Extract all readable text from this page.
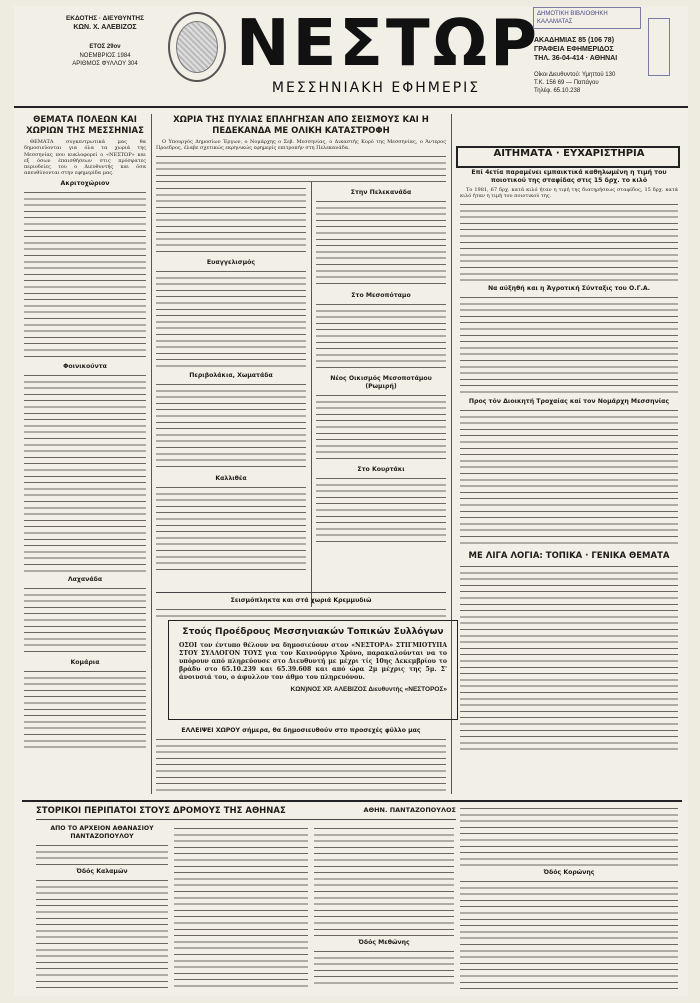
ΕΚΔΟΤΗΣ · ΔΙΕΥΘΥΝΤΗΣ
ΚΩΝ. Χ. ΑΛΕΒΙΖΟΣ
ΕΤΟΣ 29ον
ΝΟΕΜΒΡΙΟΣ 1984
ΑΡΙΘΜΟΣ ΦΥΛΛΟΥ 304	ΝΕΣΤΩΡ
ΜΕΣΣΗΝΙΑΚΗ ΕΦΗΜΕΡΙΣ
ΔΗΜΟΤΙΚΗ ΒΙΒΛΙΟΘΗΚΗ ΚΑΛΑΜΑΤΑΣ
ΑΚΑΔΗΜΙΑΣ 85 (106 78)
ΓΡΑΦΕΙΑ ΕΦΗΜΕΡΙΔΟΣ
ΤΗΛ. 36-04-414 · ΑΘΗΝΑΙ
Οίκοι Διευθυντού: Υμηττού 130
Τ.Κ. 156 69 — Παπάγου
Τηλέφ. 65.10.238
ΘΕΜΑΤΑ ΠΟΛΕΩΝ ΚΑΙ ΧΩΡΙΩΝ ΤΗΣ ΜΕΣΣΗΝΙΑΣ

ΘΕΜΑΤΑ συγκεντρωτικά μας θα δημοσιεύονται για όλα τα χωριά της Μεσσηνίας που κυκλοφορεί ο «ΝΕΣΤΩΡ» και εξ όσων έπαισθήσεων στις πρόσφατες περιοδείες του ο Διευθυντής και όσα απευθύνονται στην εφημερίδα μας.

Ακριτοχώριον
Φοινικούντα
Λαχανάδα
Κομάρια
ΧΩΡΙΑ ΤΗΣ ΠΥΛΙΑΣ ΕΠΛΗΓΗΣΑΝ ΑΠΟ ΣΕΙΣΜΟΥΣ ΚΑΙ Η ΠΕΔΕΚΑΝΔΑ ΜΕ ΟΛΙΚΗ ΚΑΤΑΣΤΡΟΦΗ

Ο Υπουργός Δημοσίων Έργων, ο Νομάρχης ο Σεβ. Μεσσηνίας, ο Δικαστής Κορό της Μεσσηνίας, ο Άντερος Προεδρος, έλαβε σχετικώς εκρηνικώς εφημερίς επιτροπήν στη Πελεκανάδα.

Ευαγγελισμός
Περιβολάκια, Χωματάδα
Καλλιθέα
Στην Πελεκανάδα
Στο Μεσοπόταμο
Νέος Οικισμός Μεσοποτάμου (Ρωμιρή)
Στο Κουρτάκι
Σεισμόπληκτα και στά χωριά Κρεμμυδιώ
Στούς Προέδρους Μεσσηνιακών Τοπικών Συλλόγων
ΟΣΟΙ τον έντυπο θέλουν να δημοσιεύουν στον «ΝΕΣΤΟΡΑ» ΣΤΙΓΜΙΟΤΥΠΑ ΣΤΟΥ ΣΥΛΛΟΓΟΝ ΤΟΥΣ για τον Καινούργιο Χρόνο, παρακαλούνται να το υπόρουν από πληρεύουσε στο Διευθυντή με μέχρι τίς 10ης Δεκεμβρίου το βράδυ στο 65.10.239 και 65.39.608 και από ώρα 2μ μέχρις της 5μ. Σ' άνοιυσιά του, ο άφυλλον τον άθμο του πληρευόνου.
ΚΩΝ)ΝΟΣ ΧΡ. ΑΛΕΒΙΖΟΣ Διευθυντής «ΝΕΣΤΟΡΟΣ»
ΕΛΛΕΙΨΕΙ ΧΩΡΟΥ σήμερα, θα δημοσιευθούν στο προσεχές φύλλο μας
ΑΙΤΗΜΑΤΑ · ΕΥΧΑΡΙΣΤΗΡΙΑ
Επί 4ετία παραμένει εμπαικτικά καθηλωμένη η τιμή του ποιοτικού της σταφίδας στις 15 δρχ. το κιλό

Το 1981, 67 δρχ. κατά κιλό ήταν η τιμή της διατηρήσεως σταφίδος, 15 δρχ. κατά κιλό ήταν η τιμή του ποιοτικού της.

Να αύξηθή και η Άγροτική Σύνταξις του Ο.Γ.Α.
Προς τόν Διοικητή Τροχαίας καί τον Νομάρχη Μεσσηνίας
ΜΕ ΛΙΓΑ ΛΟΓΙΑ: ΤΟΠΙΚΑ · ΓΕΝΙΚΑ ΘΕΜΑΤΑ
ΣΤΟΡΙΚΟΙ ΠΕΡΙΠΑΤΟΙ ΣΤΟΥΣ ΔΡΟΜΟΥΣ ΤΗΣ ΑΘΗΝΑΣ	ΑΘΗΝ. ΠΑΝΤΑΖΟΠΟΥΛΟΣ
ΑΠΟ ΤΟ ΑΡΧΕΙΟΝ ΑΘΑΝΑΣΙΟΥ ΠΑΝΤΑΖΟΠΟΥΛΟΥ
Όδός Καλαμών
Όδός Μεθώνης
Όδός Κορώνης
